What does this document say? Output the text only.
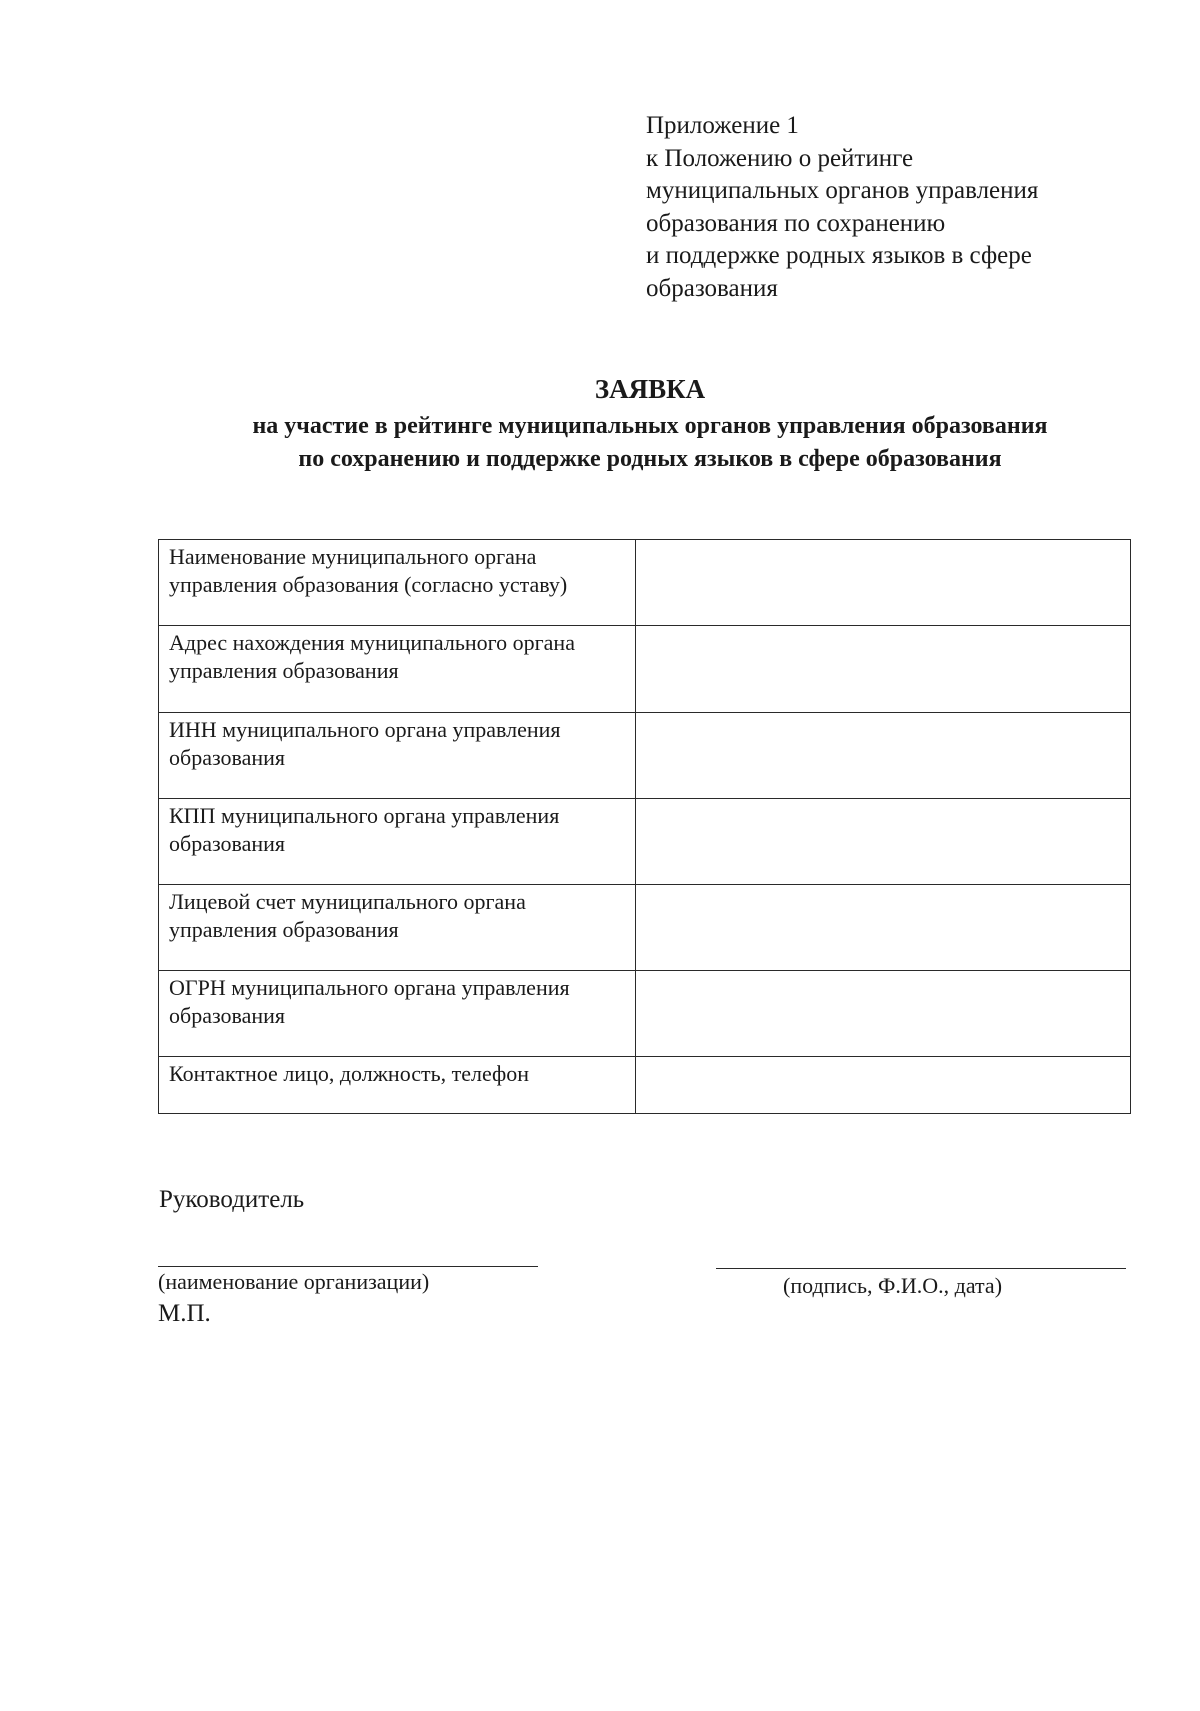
Приложение 1
к Положению о рейтинге
муниципальных органов управления
образования по сохранению
и поддержке родных языков в сфере
образования
ЗАЯВКА
на участие в рейтинге муниципальных органов управления образования
по сохранению и поддержке родных языков в сфере образования
Наименование муниципального органа
управления образования (согласно уставу)	

Адрес нахождения муниципального органа
управления образования	

ИНН муниципального органа управления
образования	

КПП муниципального органа управления
образования	

Лицевой счет муниципального органа
управления образования	

ОГРН муниципального органа управления
образования	

Контактное лицо, должность, телефон	

Руководитель
(наименование организации)	(подпись, Ф.И.О., дата)
М.П.
